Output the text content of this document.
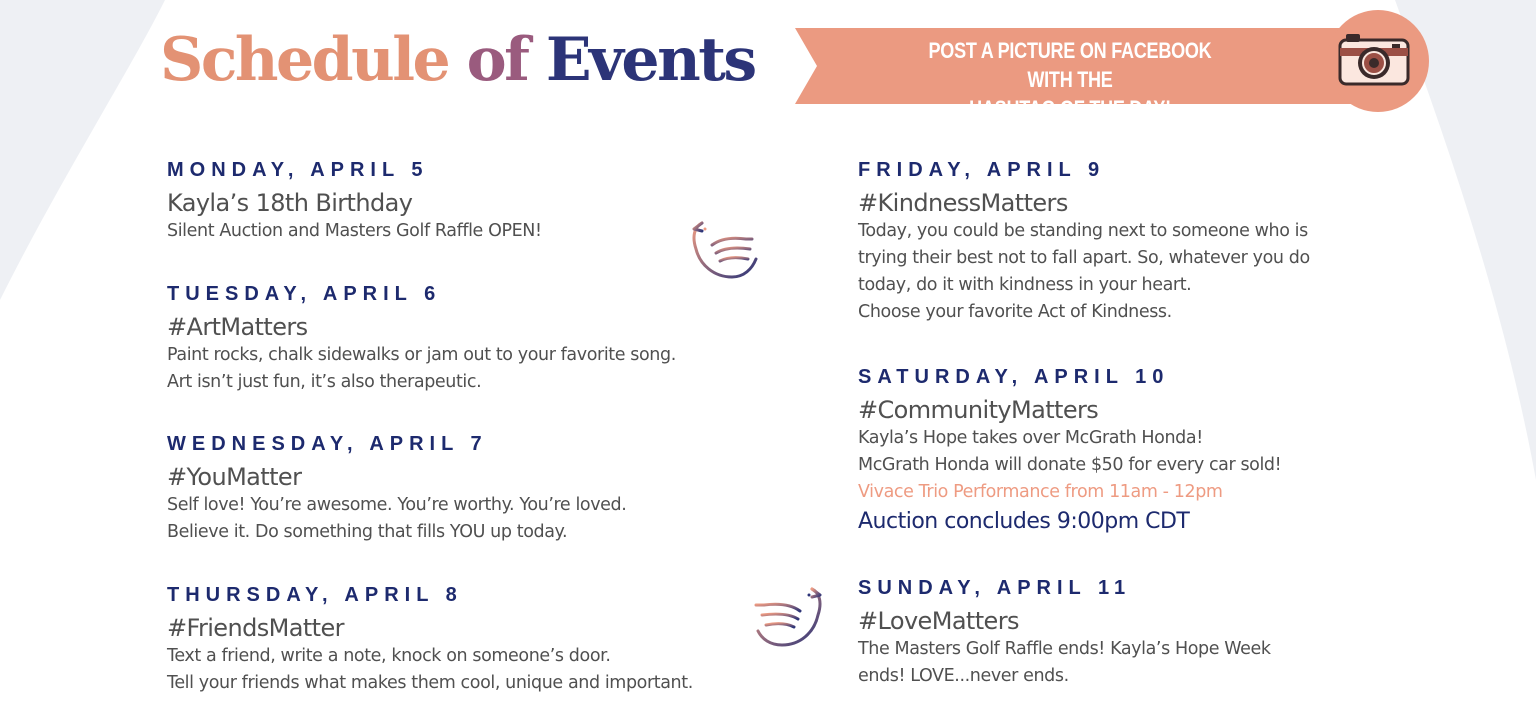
Schedule of Events	POST A PICTURE ON FACEBOOK WITH THE
HASHTAG OF THE DAY!
MONDAY, APRIL 5
Kayla’s 18th Birthday
Silent Auction and Masters Golf Raffle OPEN!
TUESDAY, APRIL 6
#ArtMatters
Paint rocks, chalk sidewalks or jam out to your favorite song.
Art isn’t just fun, it’s also therapeutic.
WEDNESDAY, APRIL 7
#YouMatter
Self love! You’re awesome. You’re worthy. You’re loved.
Believe it. Do something that fills YOU up today.
THURSDAY, APRIL 8
#FriendsMatter
Text a friend, write a note, knock on someone’s door.
Tell your friends what makes them cool, unique and important.
FRIDAY, APRIL 9
#KindnessMatters
Today, you could be standing next to someone who is
trying their best not to fall apart. So, whatever you do
today, do it with kindness in your heart.
Choose your favorite Act of Kindness.
SATURDAY, APRIL 10
#CommunityMatters
Kayla’s Hope takes over McGrath Honda!
McGrath Honda will donate $50 for every car sold!
Vivace Trio Performance from 11am - 12pm
Auction concludes 9:00pm CDT
SUNDAY, APRIL 11
#LoveMatters
The Masters Golf Raffle ends! Kayla’s Hope Week
ends! LOVE...never ends.
